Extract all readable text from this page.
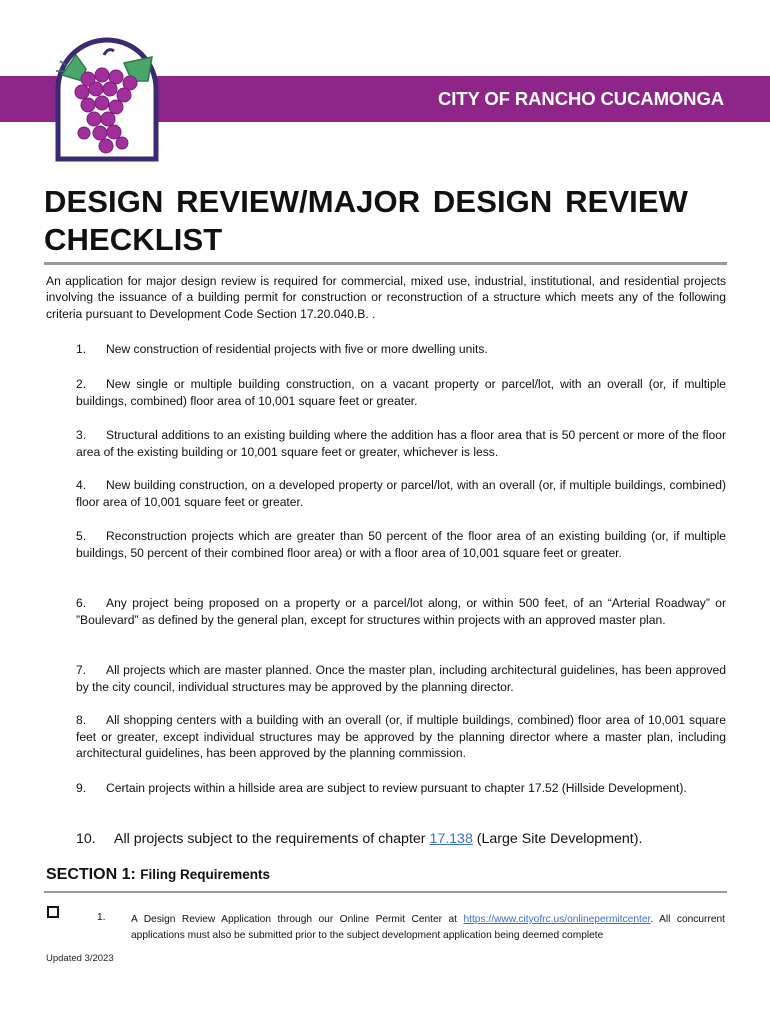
CITY OF RANCHO CUCAMONGA
DESIGN REVIEW/MAJOR DESIGN REVIEW CHECKLIST

An application for major design review is required for commercial, mixed use, industrial, institutional, and residential projects involving the issuance of a building permit for construction or reconstruction of a structure which meets any of the following criteria pursuant to Development Code Section 17.20.040.B. .

1. New construction of residential projects with five or more dwelling units.
2. New single or multiple building construction, on a vacant property or parcel/lot, with an overall (or, if multiple buildings, combined) floor area of 10,001 square feet or greater.
3. Structural additions to an existing building where the addition has a floor area that is 50 percent or more of the floor area of the existing building or 10,001 square feet or greater, whichever is less.
4. New building construction, on a developed property or parcel/lot, with an overall (or, if multiple buildings, combined) floor area of 10,001 square feet or greater.
5. Reconstruction projects which are greater than 50 percent of the floor area of an existing building (or, if multiple buildings, 50 percent of their combined floor area) or with a floor area of 10,001 square feet or greater.
6. Any project being proposed on a property or a parcel/lot along, or within 500 feet, of an “Arterial Roadway” or ”Boulevard” as defined by the general plan, except for structures within projects with an approved master plan.
7. All projects which are master planned. Once the master plan, including architectural guidelines, has been approved by the city council, individual structures may be approved by the planning director.
8. All shopping centers with a building with an overall (or, if multiple buildings, combined) floor area of 10,001 square feet or greater, except individual structures may be approved by the planning director where a master plan, including architectural guidelines, has been approved by the planning commission.
9. Certain projects within a hillside area are subject to review pursuant to chapter 17.52 (Hillside Development).
10. All projects subject to the requirements of chapter 17.138 (Large Site Development).
SECTION 1: Filing Requirements
1.	A Design Review Application through our Online Permit Center at https://www.cityofrc.us/onlinepermitcenter. All concurrent applications must also be submitted prior to the subject development application being deemed complete

Updated 3/2023
